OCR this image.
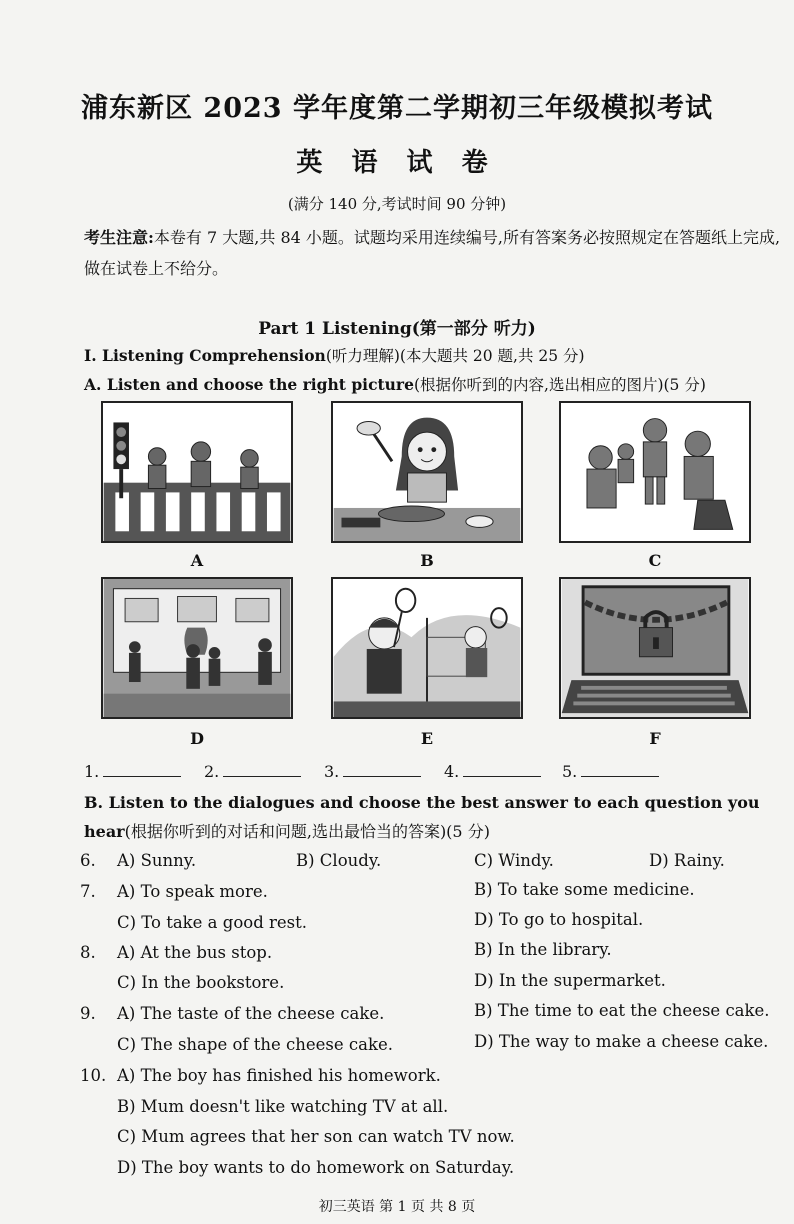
浦东新区 2023 学年度第二学期初三年级模拟考试
英 语 试 卷
(满分 140 分,考试时间 90 分钟)
考生注意:本卷有 7 大题,共 84 小题。试题均采用连续编号,所有答案务必按照规定在答题纸上完成,做在试卷上不给分。
Part 1 Listening(第一部分 听力)
I. Listening Comprehension(听力理解)(本大题共 20 题,共 25 分)
A. Listen and choose the right picture(根据你听到的内容,选出相应的图片)(5 分)
A	B	C
D	E	F
1.	2.	3.	4.	5.
B. Listen to the dialogues and choose the best answer to each question you hear(根据你听到的对话和问题,选出最恰当的答案)(5 分)
6. A) Sunny.	B) Cloudy.	C) Windy.	D) Rainy.
7. A) To speak more.	B) To take some medicine.
C) To take a good rest.	D) To go to hospital.
8. A) At the bus stop.	B) In the library.
C) In the bookstore.	D) In the supermarket.
9. A) The taste of the cheese cake.	B) The time to eat the cheese cake.
C) The shape of the cheese cake.	D) The way to make a cheese cake.
10. A) The boy has finished his homework.
B) Mum doesn't like watching TV at all.
C) Mum agrees that her son can watch TV now.
D) The boy wants to do homework on Saturday.
初三英语 第 1 页 共 8 页
